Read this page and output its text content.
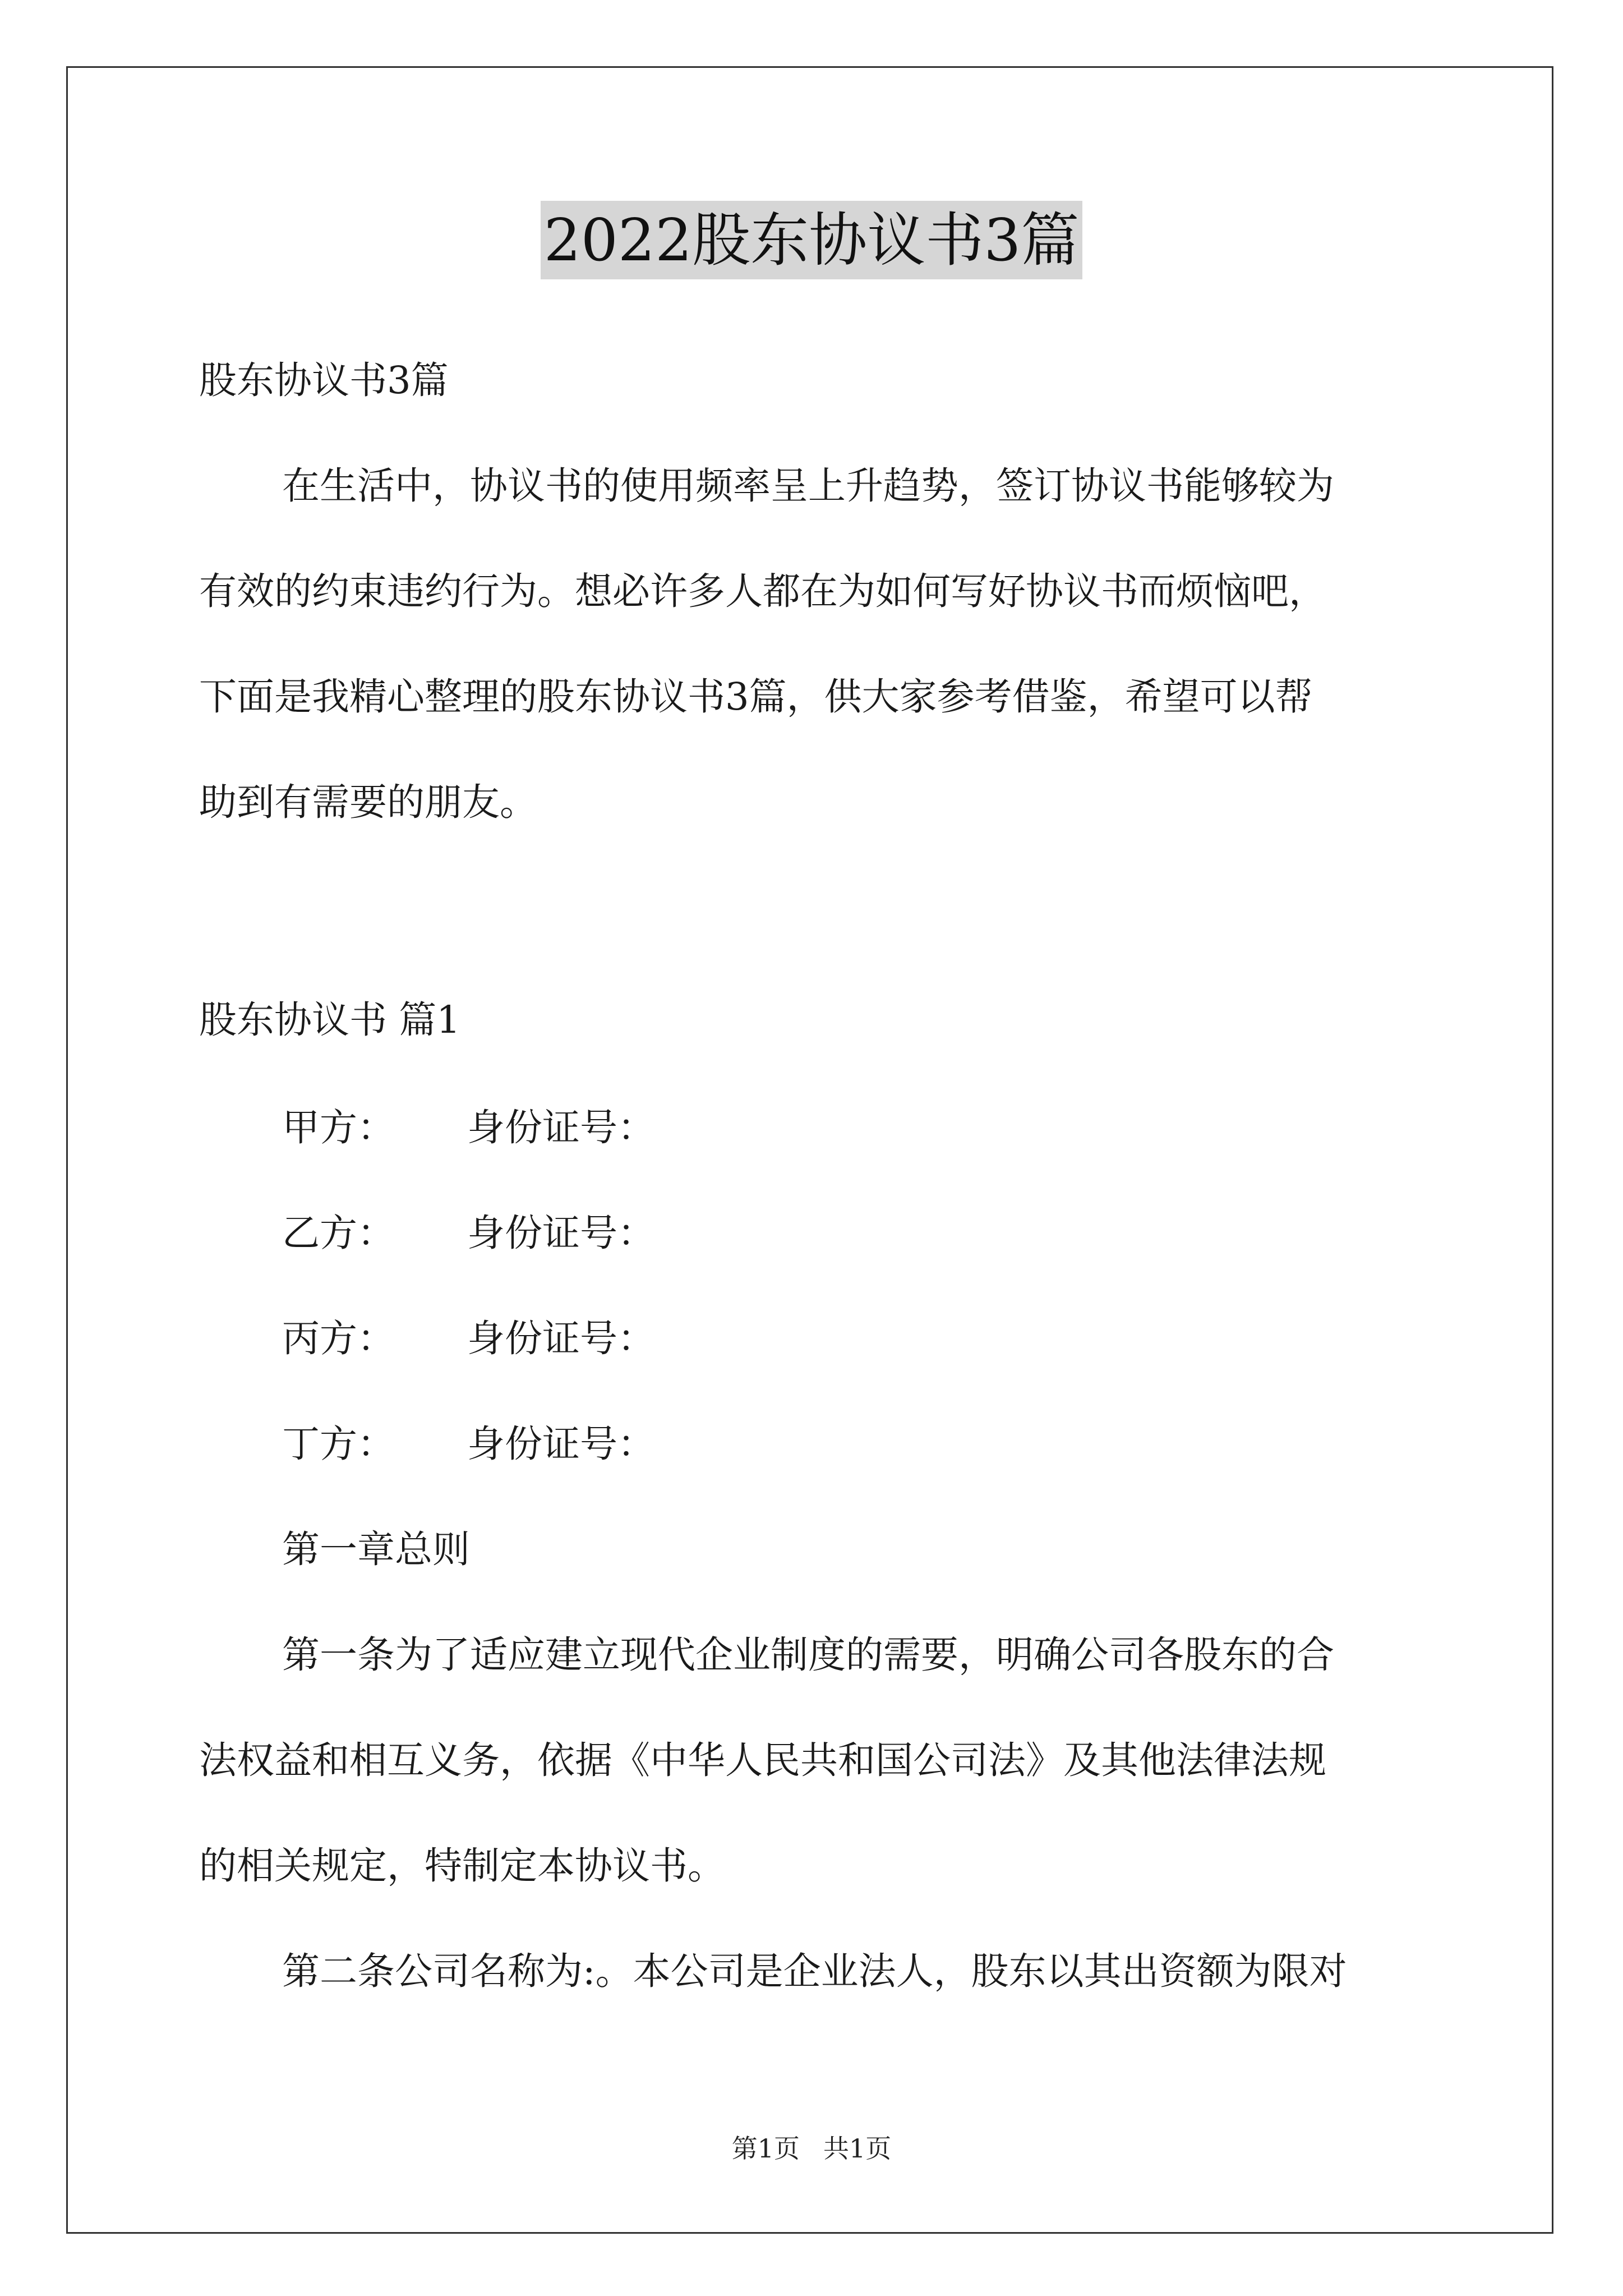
2022股东协议书3篇
股东协议书3篇
在生活中，协议书的使用频率呈上升趋势，签订协议书能够较为
有效的约束违约行为。想必许多人都在为如何写好协议书而烦恼吧，
下面是我精心整理的股东协议书3篇，供大家参考借鉴，希望可以帮
助到有需要的朋友。
股东协议书 篇1
甲方： 身份证号：
乙方： 身份证号：
丙方： 身份证号：
丁方： 身份证号：
第一章总则
第一条为了适应建立现代企业制度的需要，明确公司各股东的合
法权益和相互义务，依据《中华人民共和国公司法》及其他法律法规
的相关规定，特制定本协议书。
第二条公司名称为:。本公司是企业法人，股东以其出资额为限对
第1页 共1页
